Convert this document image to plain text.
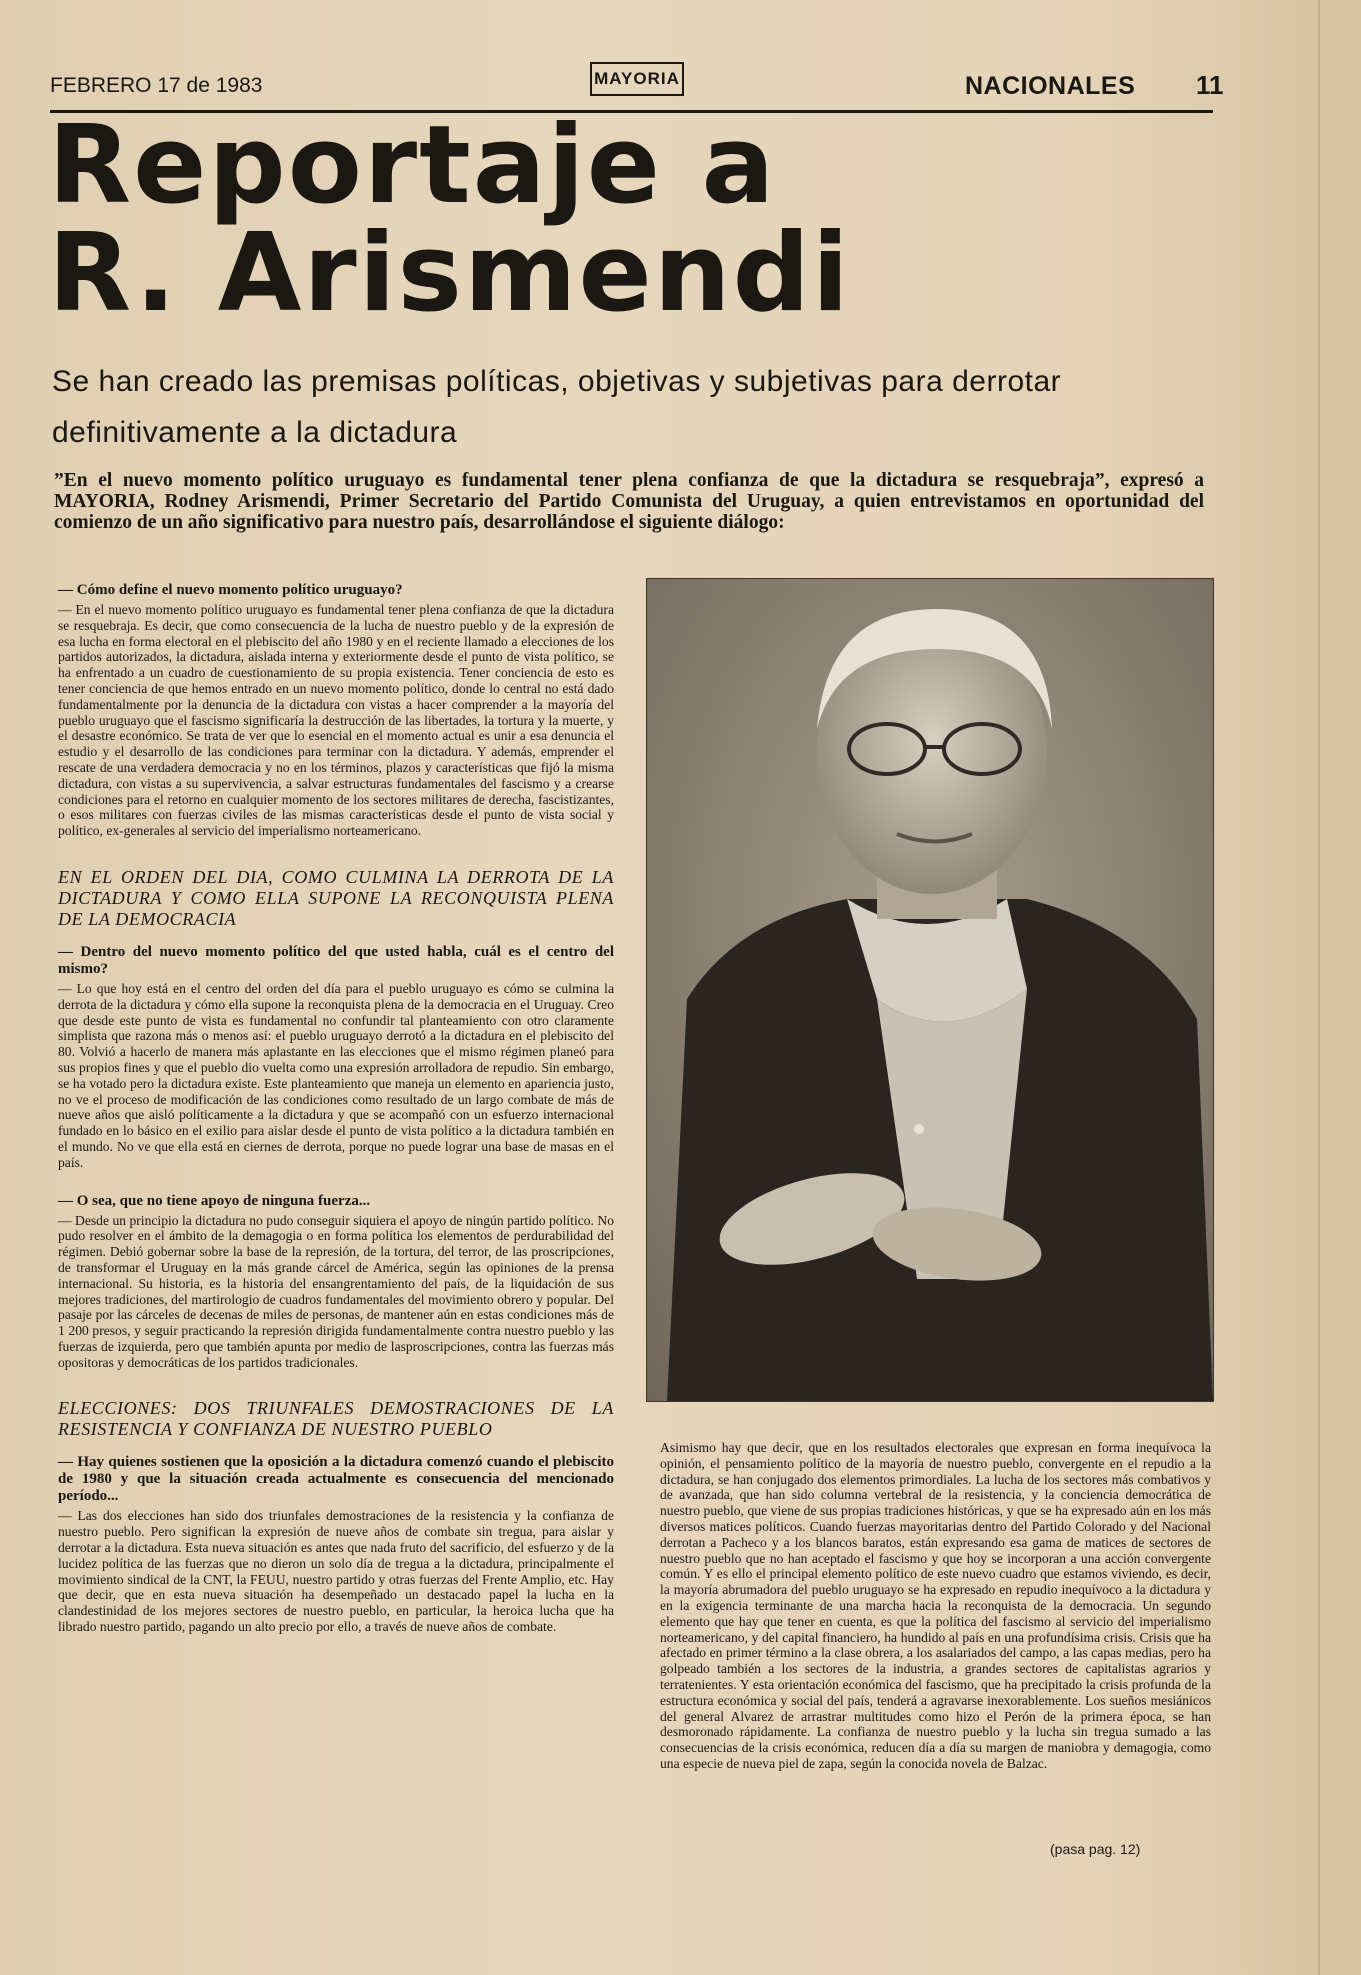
FEBRERO 17 de 1983	MAYORIA	NACIONALES 11
Reportaje a
R. Arismendi
Se han creado las premisas políticas, objetivas y subjetivas para derrotar definitivamente a la dictadura
”En el nuevo momento político uruguayo es fundamental tener plena confianza de que la dictadura se resquebraja”, expresó a MAYORIA, Rodney Arismendi, Primer Secretario del Partido Comunista del Uruguay, a quien entrevistamos en oportunidad del comienzo de un año significativo para nuestro país, desarrollándose el siguiente diálogo:

— Cómo define el nuevo momento político uruguayo?

— En el nuevo momento político uruguayo es fundamental tener plena confianza de que la dictadura se resquebraja. Es decir, que como consecuencia de la lucha de nuestro pueblo y de la expresión de esa lucha en forma electoral en el plebiscito del año 1980 y en el reciente llamado a elecciones de los partidos autorizados, la dictadura, aislada interna y exteriormente desde el punto de vista político, se ha enfrentado a un cuadro de cuestionamiento de su propia existencia. Tener conciencia de esto es tener conciencia de que hemos entrado en un nuevo momento político, donde lo central no está dado fundamentalmente por la denuncia de la dictadura con vistas a hacer comprender a la mayoría del pueblo uruguayo que el fascismo significaría la destrucción de las libertades, la tortura y la muerte, y el desastre económico. Se trata de ver que lo esencial en el momento actual es unir a esa denuncia el estudio y el desarrollo de las condiciones para terminar con la dictadura. Y además, emprender el rescate de una verdadera democracia y no en los términos, plazos y características que fijó la misma dictadura, con vistas a su supervivencia, a salvar estructuras fundamentales del fascismo y a crearse condiciones para el retorno en cualquier momento de los sectores militares de derecha, fascistizantes, o esos militares con fuerzas civiles de las mismas características desde el punto de vista social y político, ex-generales al servicio del imperialismo norteamericano.

EN EL ORDEN DEL DIA, COMO CULMINA LA DERROTA DE LA DICTADURA Y COMO ELLA SUPONE LA RECONQUISTA PLENA DE LA DEMOCRACIA

— Dentro del nuevo momento político del que usted habla, cuál es el centro del mismo?

— Lo que hoy está en el centro del orden del día para el pueblo uruguayo es cómo se culmina la derrota de la dictadura y cómo ella supone la reconquista plena de la democracia en el Uruguay. Creo que desde este punto de vista es fundamental no confundir tal planteamiento con otro claramente simplista que razona más o menos así: el pueblo uruguayo derrotó a la dictadura en el plebiscito del 80. Volvió a hacerlo de manera más aplastante en las elecciones que el mismo régimen planeó para sus propios fines y que el pueblo dio vuelta como una expresión arrolladora de repudio. Sin embargo, se ha votado pero la dictadura existe. Este planteamiento que maneja un elemento en apariencia justo, no ve el proceso de modificación de las condiciones como resultado de un largo combate de más de nueve años que aisló políticamente a la dictadura y que se acompañó con un esfuerzo internacional fundado en lo básico en el exilio para aislar desde el punto de vista político a la dictadura también en el mundo. No ve que ella está en ciernes de derrota, porque no puede lograr una base de masas en el país.

— O sea, que no tiene apoyo de ninguna fuerza...

— Desde un principio la dictadura no pudo conseguir siquiera el apoyo de ningún partido político. No pudo resolver en el ámbito de la demagogia o en forma política los elementos de perdurabilidad del régimen. Debió gobernar sobre la base de la represión, de la tortura, del terror, de las proscripciones, de transformar el Uruguay en la más grande cárcel de América, según las opiniones de la prensa internacional. Su historia, es la historia del ensangrentamiento del país, de la liquidación de sus mejores tradiciones, del martirologio de cuadros fundamentales del movimiento obrero y popular. Del pasaje por las cárceles de decenas de miles de personas, de mantener aún en estas condiciones más de 1 200 presos, y seguir practicando la represión dirigida fundamentalmente contra nuestro pueblo y las fuerzas de izquierda, pero que también apunta por medio de lasproscripciones, contra las fuerzas más opositoras y democráticas de los partidos tradicionales.

ELECCIONES: DOS TRIUNFALES DEMOSTRACIONES DE LA RESISTENCIA Y CONFIANZA DE NUESTRO PUEBLO

— Hay quienes sostienen que la oposición a la dictadura comenzó cuando el plebiscito de 1980 y que la situación creada actualmente es consecuencia del mencionado período...

— Las dos elecciones han sido dos triunfales demostraciones de la resistencia y la confianza de nuestro pueblo. Pero significan la expresión de nueve años de combate sin tregua, para aislar y derrotar a la dictadura. Esta nueva situación es antes que nada fruto del sacrificio, del esfuerzo y de la lucidez política de las fuerzas que no dieron un solo día de tregua a la dictadura, principalmente el movimiento sindical de la CNT, la FEUU, nuestro partido y otras fuerzas del Frente Amplio, etc. Hay que decir, que en esta nueva situación ha desempeñado un destacado papel la lucha en la clandestinidad de los mejores sectores de nuestro pueblo, en particular, la heroica lucha que ha librado nuestro partido, pagando un alto precio por ello, a través de nueve años de combate.

Asimismo hay que decir, que en los resultados electorales que expresan en forma inequívoca la opinión, el pensamiento político de la mayoría de nuestro pueblo, convergente en el repudio a la dictadura, se han conjugado dos elementos primordiales. La lucha de los sectores más combativos y de avanzada, que han sido columna vertebral de la resistencia, y la conciencia democrática de nuestro pueblo, que viene de sus propias tradiciones históricas, y que se ha expresado aún en los más diversos matices políticos. Cuando fuerzas mayoritarias dentro del Partido Colorado y del Nacional derrotan a Pacheco y a los blancos baratos, están expresando esa gama de matices de sectores de nuestro pueblo que no han aceptado el fascismo y que hoy se incorporan a una acción convergente común. Y es ello el principal elemento político de este nuevo cuadro que estamos viviendo, es decir, la mayoría abrumadora del pueblo uruguayo se ha expresado en repudio inequívoco a la dictadura y en la exigencia terminante de una marcha hacia la reconquista de la democracia. Un segundo elemento que hay que tener en cuenta, es que la política del fascismo al servicio del imperialismo norteamericano, y del capital financiero, ha hundido al país en una profundísima crisis. Crisis que ha afectado en primer término a la clase obrera, a los asalariados del campo, a las capas medias, pero ha golpeado también a los sectores de la industria, a grandes sectores de capitalistas agrarios y terratenientes. Y esta orientación económica del fascismo, que ha precipitado la crisis profunda de la estructura económica y social del país, tenderá a agravarse inexorablemente. Los sueños mesiánicos del general Alvarez de arrastrar multitudes como hizo el Perón de la primera época, se han desmoronado rápidamente. La confianza de nuestro pueblo y la lucha sin tregua sumado a las consecuencias de la crisis económica, reducen día a día su margen de maniobra y demagogia, como una especie de nueva piel de zapa, según la conocida novela de Balzac.

(pasa pag. 12)
